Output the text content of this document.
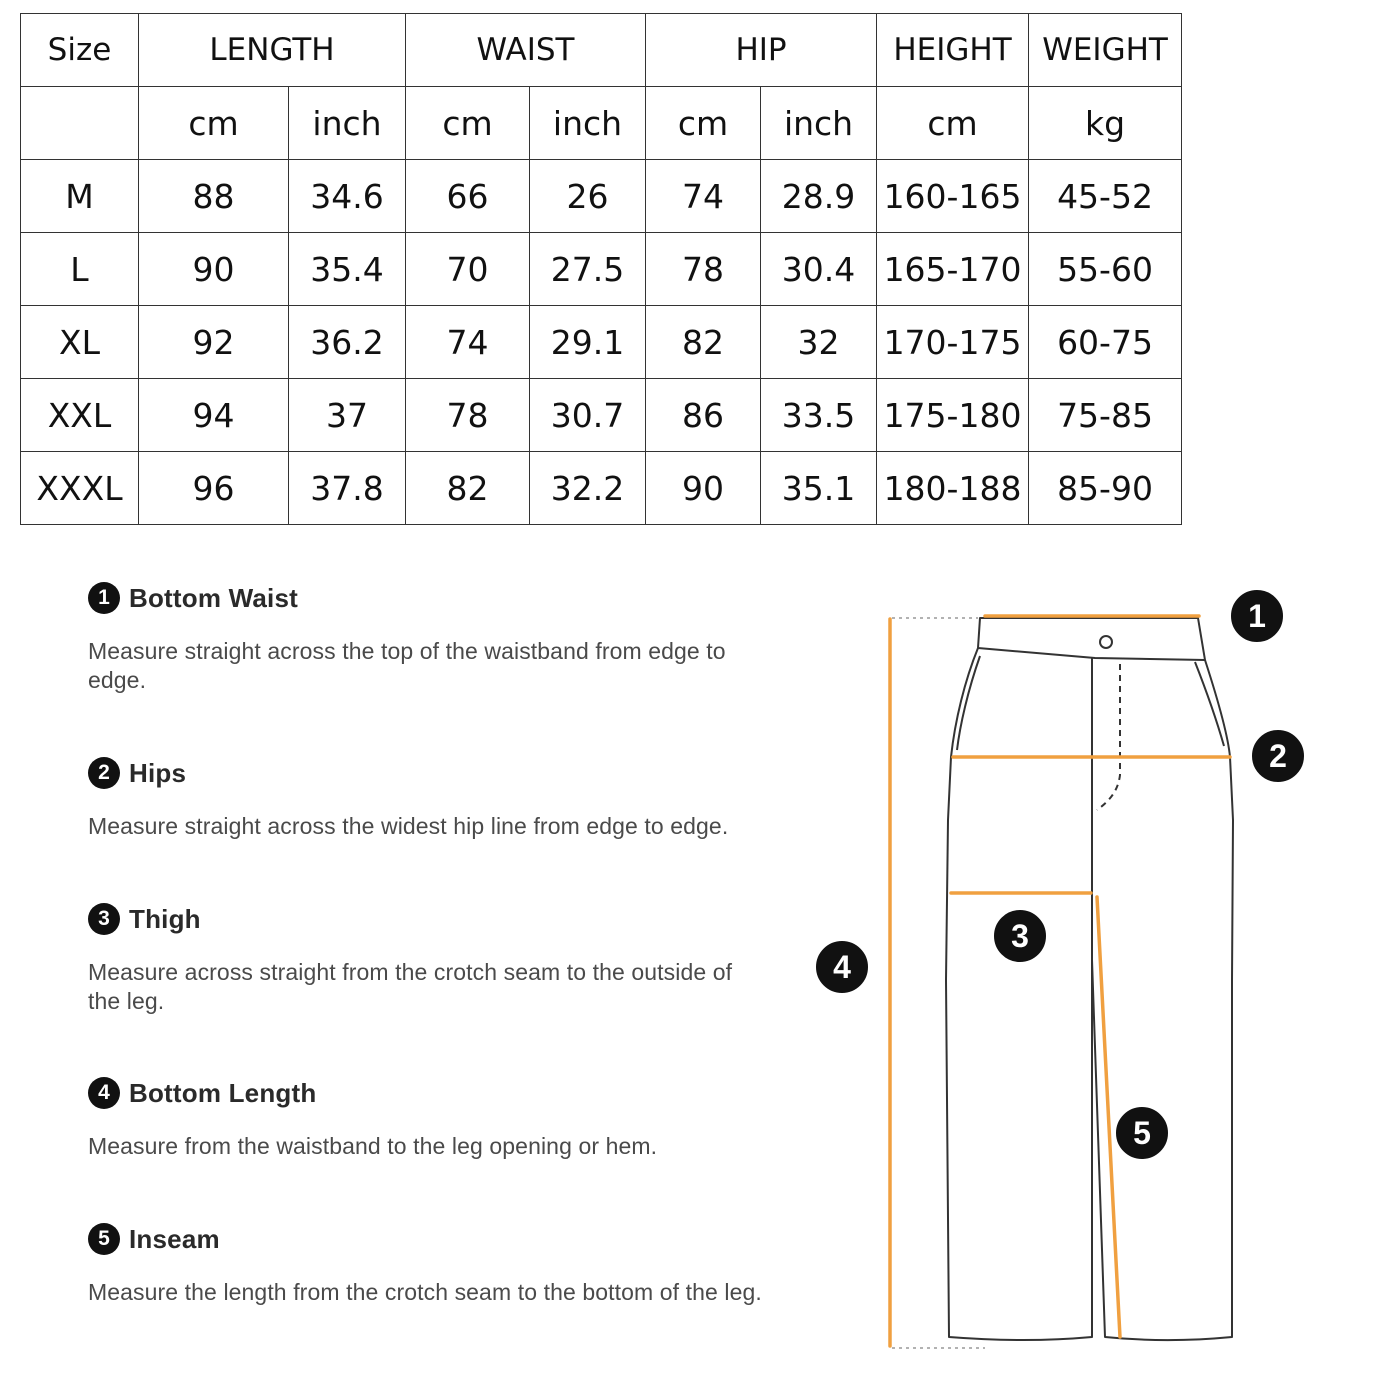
Size	LENGTH		WAIST		HIP		HEIGHT	WEIGHT
	cm	inch	cm	inch	cm	inch	cm	kg
M	88	34.6	66	26	74	28.9	160-165	45-52
L	90	35.4	70	27.5	78	30.4	165-170	55-60
XL	92	36.2	74	29.1	82	32	170-175	60-75
XXL	94	37	78	30.7	86	33.5	175-180	75-85
XXXL	96	37.8	82	32.2	90	35.1	180-188	85-90
1 Bottom Waist
Measure straight across the top of the waistband from edge to edge.
2 Hips
Measure straight across the widest hip line from edge to edge.
3 Thigh
Measure across straight from the crotch seam to the outside of the leg.
4 Bottom Length
Measure from the waistband to the leg opening or hem.
5 Inseam
Measure the length from the crotch seam to the bottom of the leg.
1
2
3
4
5
